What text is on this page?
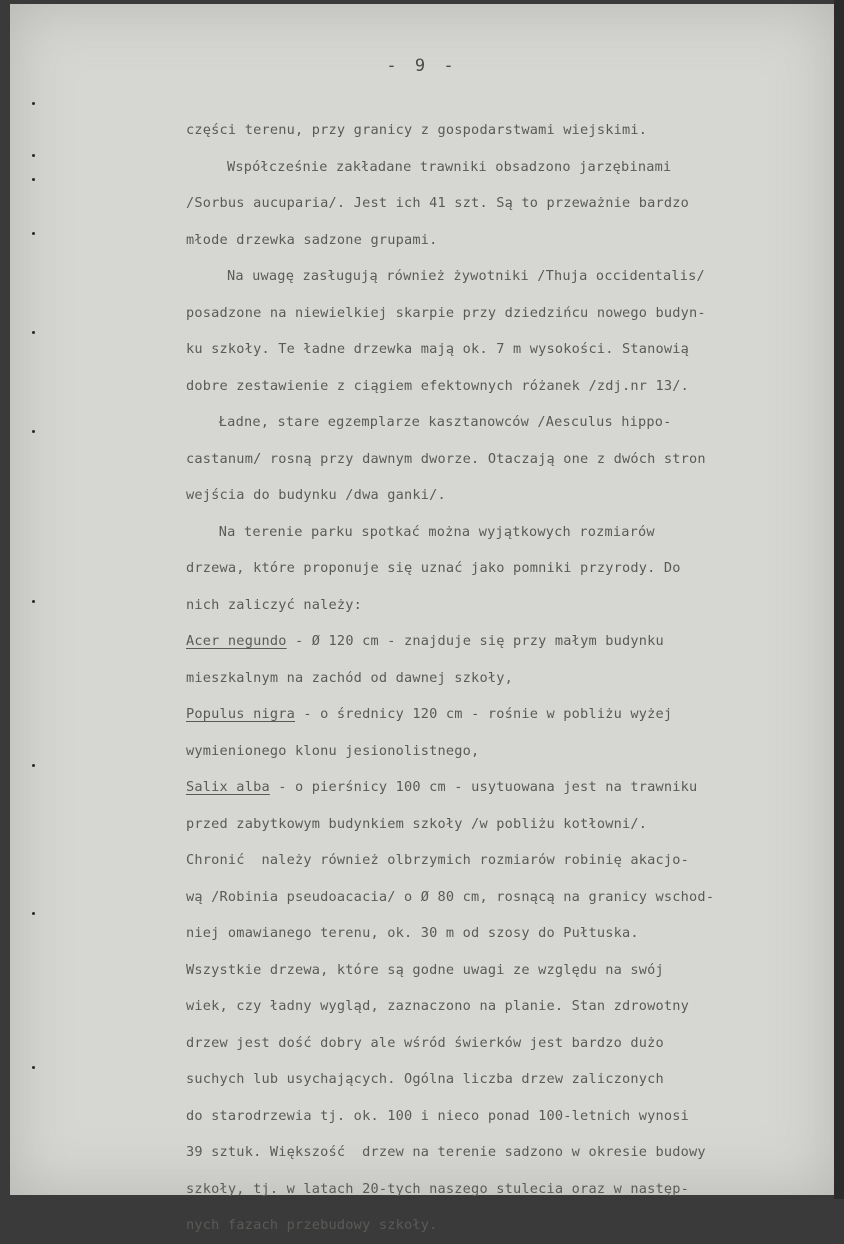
- 9 -
części terenu, przy granicy z gospodarstwami wiejskimi.
Współcześnie zakładane trawniki obsadzono jarzębinami
/Sorbus aucuparia/. Jest ich 41 szt. Są to przeważnie bardzo
młode drzewka sadzone grupami.
Na uwagę zasługują również żywotniki /Thuja occidentalis/
posadzone na niewielkiej skarpie przy dziedzińcu nowego budyn-
ku szkoły. Te ładne drzewka mają ok. 7 m wysokości. Stanowią
dobre zestawienie z ciągiem efektownych różanek /zdj.nr 13/.
Ładne, stare egzemplarze kasztanowców /Aesculus hippo-
castanum/ rosną przy dawnym dworze. Otaczają one z dwóch stron
wejścia do budynku /dwa ganki/.
Na terenie parku spotkać można wyjątkowych rozmiarów
drzewa, które proponuje się uznać jako pomniki przyrody. Do
nich zaliczyć należy:
Acer negundo - Ø 120 cm - znajduje się przy małym budynku
mieszkalnym na zachód od dawnej szkoły,
Populus nigra - o średnicy 120 cm - rośnie w pobliżu wyżej
wymienionego klonu jesionolistnego,
Salix alba - o pierśnicy 100 cm - usytuowana jest na trawniku
przed zabytkowym budynkiem szkoły /w pobliżu kotłowni/.
Chronić  należy również olbrzymich rozmiarów robinię akacjo-
wą /Robinia pseudoacacia/ o Ø 80 cm, rosnącą na granicy wschod-
niej omawianego terenu, ok. 30 m od szosy do Pułtuska.
Wszystkie drzewa, które są godne uwagi ze względu na swój
wiek, czy ładny wygląd, zaznaczono na planie. Stan zdrowotny
drzew jest dość dobry ale wśród świerków jest bardzo dużo
suchych lub usychających. Ogólna liczba drzew zaliczonych
do starodrzewia tj. ok. 100 i nieco ponad 100-letnich wynosi
39 sztuk. Większość  drzew na terenie sadzono w okresie budowy
szkoły, tj. w latach 20-tych naszego stulecia oraz w następ-
nych fazach przebudowy szkoły.
